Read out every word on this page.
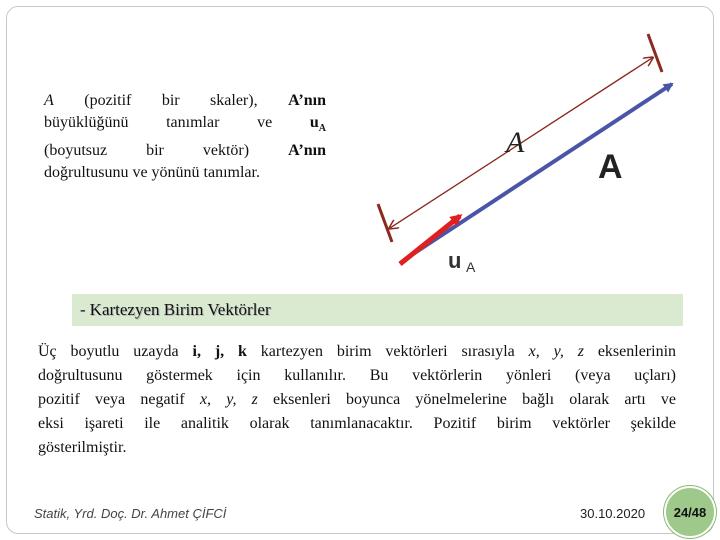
A (pozitif bir skaler), A’nın
büyüklüğünü tanımlar ve $u_A$
(boyutsuz bir vektör) A’nın
doğrultusunu ve yönünü tanımlar.
A
A
u A
- Kartezyen Birim Vektörler
Üç boyutlu uzayda i, j, k kartezyen birim vektörleri sırasıyla x, y, z eksenlerinin
doğrultusunu göstermek için kullanılır. Bu vektörlerin yönleri (veya uçları)
pozitif veya negatif x, y, z eksenleri boyunca yönelmelerine bağlı olarak artı ve
eksi işareti ile analitik olarak tanımlanacaktır. Pozitif birim vektörler şekilde
gösterilmiştir.
Statik, Yrd. Doç. Dr. Ahmet ÇİFCİ	30.10.2020	24/48
